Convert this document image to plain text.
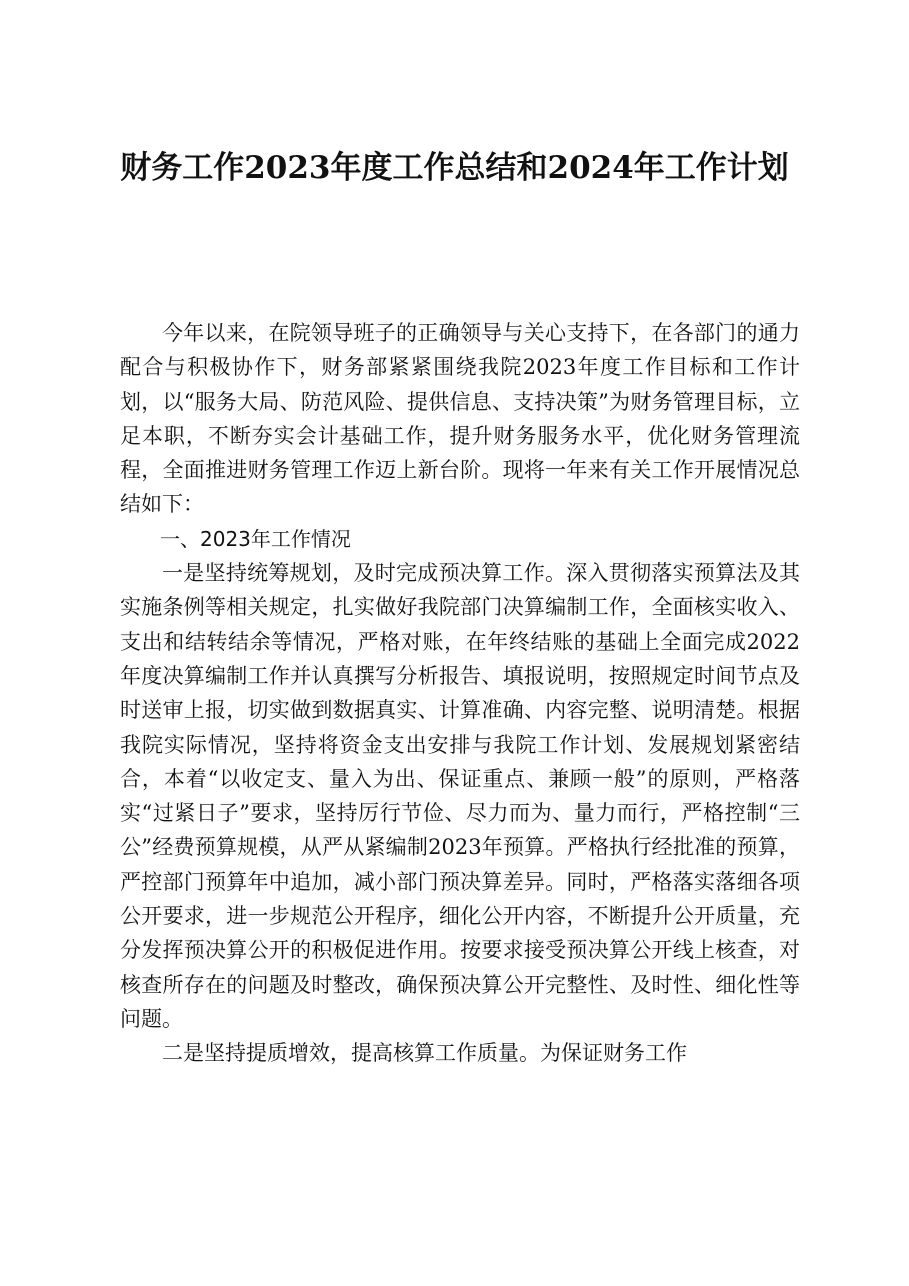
财务工作2023年度工作总结和2024年工作计划

今年以来，在院领导班子的正确领导与关心支持下，在各部门的通力配合与积极协作下，财务部紧紧围绕我院2023年度工作目标和工作计划，以“服务大局、防范风险、提供信息、支持决策”为财务管理目标，立足本职，不断夯实会计基础工作，提升财务服务水平，优化财务管理流程，全面推进财务管理工作迈上新台阶。现将一年来有关工作开展情况总结如下：

一、2023年工作情况

一是坚持统筹规划，及时完成预决算工作。深入贯彻落实预算法及其实施条例等相关规定，扎实做好我院部门决算编制工作，全面核实收入、支出和结转结余等情况，严格对账，在年终结账的基础上全面完成2022年度决算编制工作并认真撰写分析报告、填报说明，按照规定时间节点及时送审上报，切实做到数据真实、计算准确、内容完整、说明清楚。根据我院实际情况，坚持将资金支出安排与我院工作计划、发展规划紧密结合，本着“以收定支、量入为出、保证重点、兼顾一般”的原则，严格落实“过紧日子”要求，坚持厉行节俭、尽力而为、量力而行，严格控制“三公”经费预算规模，从严从紧编制2023年预算。严格执行经批准的预算，严控部门预算年中追加，减小部门预决算差异。同时，严格落实落细各项公开要求，进一步规范公开程序，细化公开内容，不断提升公开质量，充分发挥预决算公开的积极促进作用。按要求接受预决算公开线上核查，对核查所存在的问题及时整改，确保预决算公开完整性、及时性、细化性等问题。

二是坚持提质增效，提高核算工作质量。为保证财务工作
